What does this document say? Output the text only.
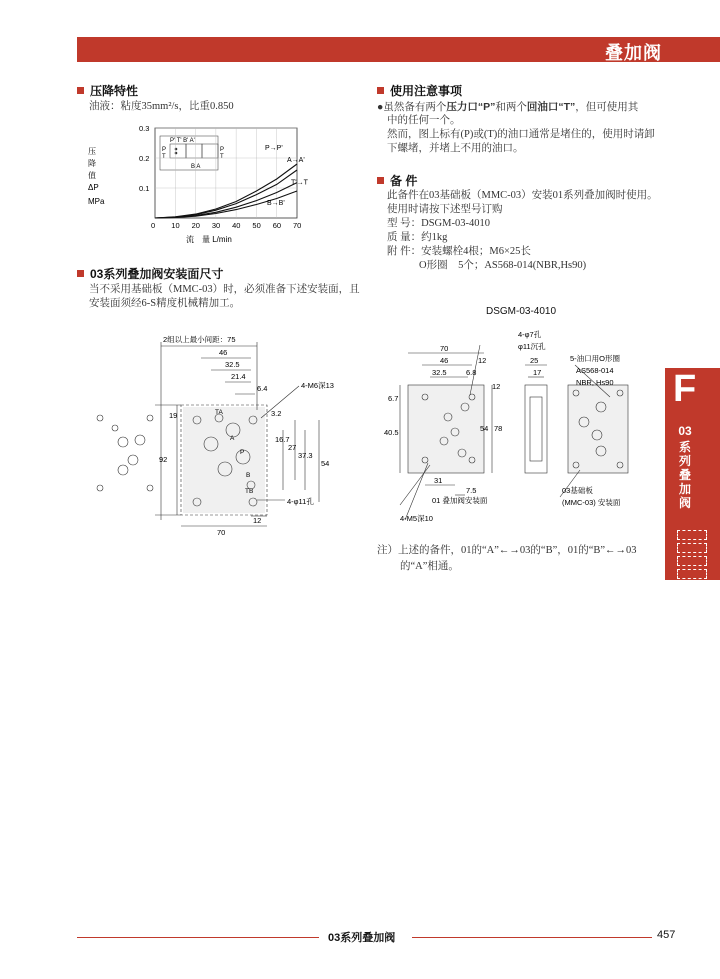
叠加阀
压降特性
油液：粘度35mm²/s，比重0.850
P' T' B' A'
P
T
P
T
B A
0 10 20 30 40 50 60 70
0.1
0.2
0.3
P→P'
A→A'
T'→T
B→B'
压
降
值
ΔP
MPa
流　量 L/min
03系列叠加阀安装面尺寸
当不采用基础板（MMC-03）时，必须准备下述安装面，且
安装面须经6-S精度机械精加工。
2组以上最小间距：75
46
32.5
21.4
6.4	4-M6深13
19
92
3.2
16.7
27
37.3
54
4-φ11孔
12
70
TA
A
P
B
TB
使用注意事项
●虽然备有两个压力口“P”和两个回油口“T”，但可使用其
中的任何一个。
然而，图上标有(P)或(T)的油口通常是堵住的，使用时请卸
下螺堵，并堵上不用的油口。
备 件
此备件在03基础板（MMC-03）安装01系列叠加阀时使用。
使用时请按下述型号订购
型 号：DSGM-03-4010
质 量：约1kg
附 件：安装螺栓4根；M6×25长
O形圈　5个；AS568-014(NBR,Hs90)
DSGM-03-4010
4-φ7孔
φ11沉孔
70
46	12
32.5	6.8
12
6.7
40.5	54 78
31
7.5
25
17
5-油口用O形圈
AS568-014
NBR, Hs90
01 叠加阀安装面
4-M5深10
03基础板
(MMC-03) 安装面
注）上述的备件，01的“A”←→03的“B”，01的“B”←→03
的“A”相通。
F
03
系列叠加阀
03系列叠加阀	457
